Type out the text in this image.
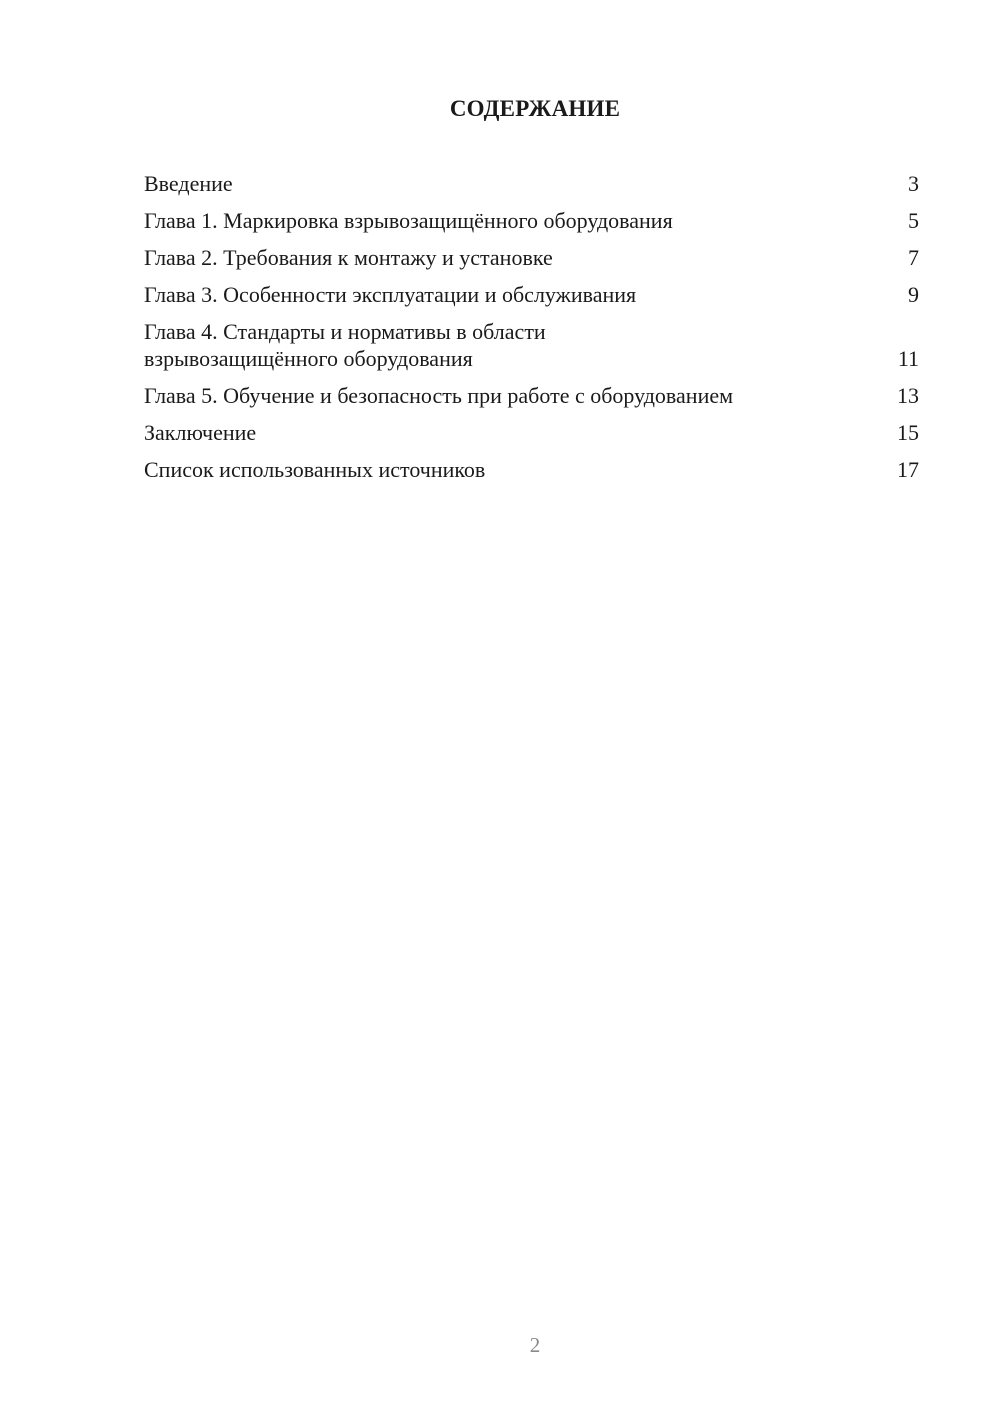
СОДЕРЖАНИЕ
Введение	3
Глава 1. Маркировка взрывозащищённого оборудования	5
Глава 2. Требования к монтажу и установке	7
Глава 3. Особенности эксплуатации и обслуживания	9
Глава 4. Стандарты и нормативы в области
взрывозащищённого оборудования	11
Глава 5. Обучение и безопасность при работе с оборудованием	13
Заключение	15
Список использованных источников	17
2
